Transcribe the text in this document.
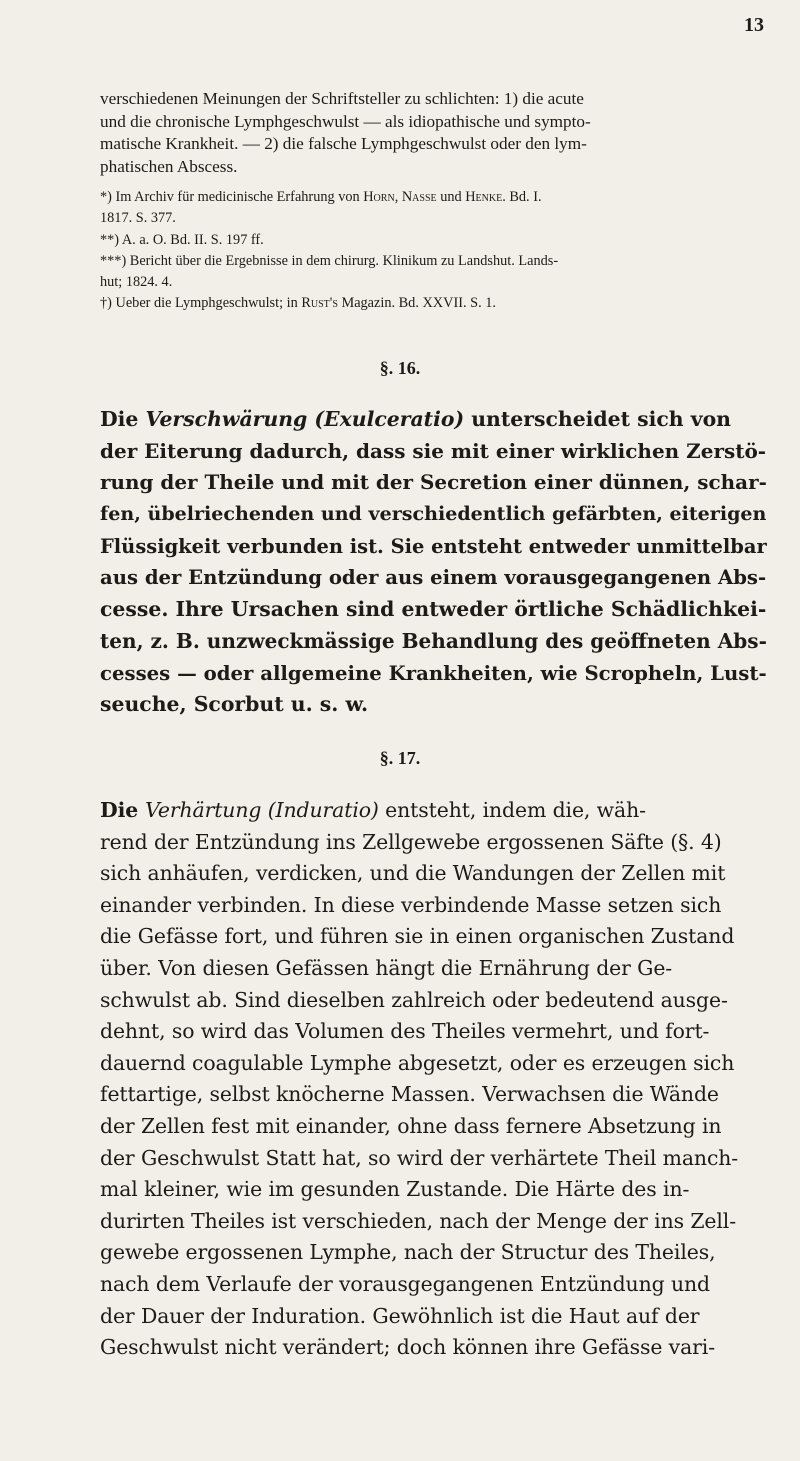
13
verschiedenen Meinungen der Schriftsteller zu schlichten: 1) die acute
und die chronische Lymphgeschwulst — als idiopathische und sympto-
matische Krankheit. — 2) die falsche Lymphgeschwulst oder den lym-
phatischen Abscess.
*) Im Archiv für medicinische Erfahrung von Horn, Nasse und Henke. Bd. I.
1817. S. 377.
**) A. a. O. Bd. II. S. 197 ff.
***) Bericht über die Ergebnisse in dem chirurg. Klinikum zu Landshut. Lands-
hut; 1824. 4.
†) Ueber die Lymphgeschwulst; in Rust's Magazin. Bd. XXVII. S. 1.
§. 16.
Die Verschwärung (Exulceratio) unterscheidet sich von
der Eiterung dadurch, dass sie mit einer wirklichen Zerstö-
rung der Theile und mit der Secretion einer dünnen, schar-
fen, übelriechenden und verschiedentlich gefärbten, eiterigen
Flüssigkeit verbunden ist. Sie entsteht entweder unmittelbar
aus der Entzündung oder aus einem vorausgegangenen Abs-
cesse. Ihre Ursachen sind entweder örtliche Schädlichkei-
ten, z. B. unzweckmässige Behandlung des geöffneten Abs-
cesses — oder allgemeine Krankheiten, wie Scropheln, Lust-
seuche, Scorbut u. s. w.
§. 17.
Die Verhärtung (Induratio) entsteht, indem die, wäh-
rend der Entzündung ins Zellgewebe ergossenen Säfte (§. 4)
sich anhäufen, verdicken, und die Wandungen der Zellen mit
einander verbinden. In diese verbindende Masse setzen sich
die Gefässe fort, und führen sie in einen organischen Zustand
über. Von diesen Gefässen hängt die Ernährung der Ge-
schwulst ab. Sind dieselben zahlreich oder bedeutend ausge-
dehnt, so wird das Volumen des Theiles vermehrt, und fort-
dauernd coagulable Lymphe abgesetzt, oder es erzeugen sich
fettartige, selbst knöcherne Massen. Verwachsen die Wände
der Zellen fest mit einander, ohne dass fernere Absetzung in
der Geschwulst Statt hat, so wird der verhärtete Theil manch-
mal kleiner, wie im gesunden Zustande. Die Härte des in-
durirten Theiles ist verschieden, nach der Menge der ins Zell-
gewebe ergossenen Lymphe, nach der Structur des Theiles,
nach dem Verlaufe der vorausgegangenen Entzündung und
der Dauer der Induration. Gewöhnlich ist die Haut auf der
Geschwulst nicht verändert; doch können ihre Gefässe vari-
